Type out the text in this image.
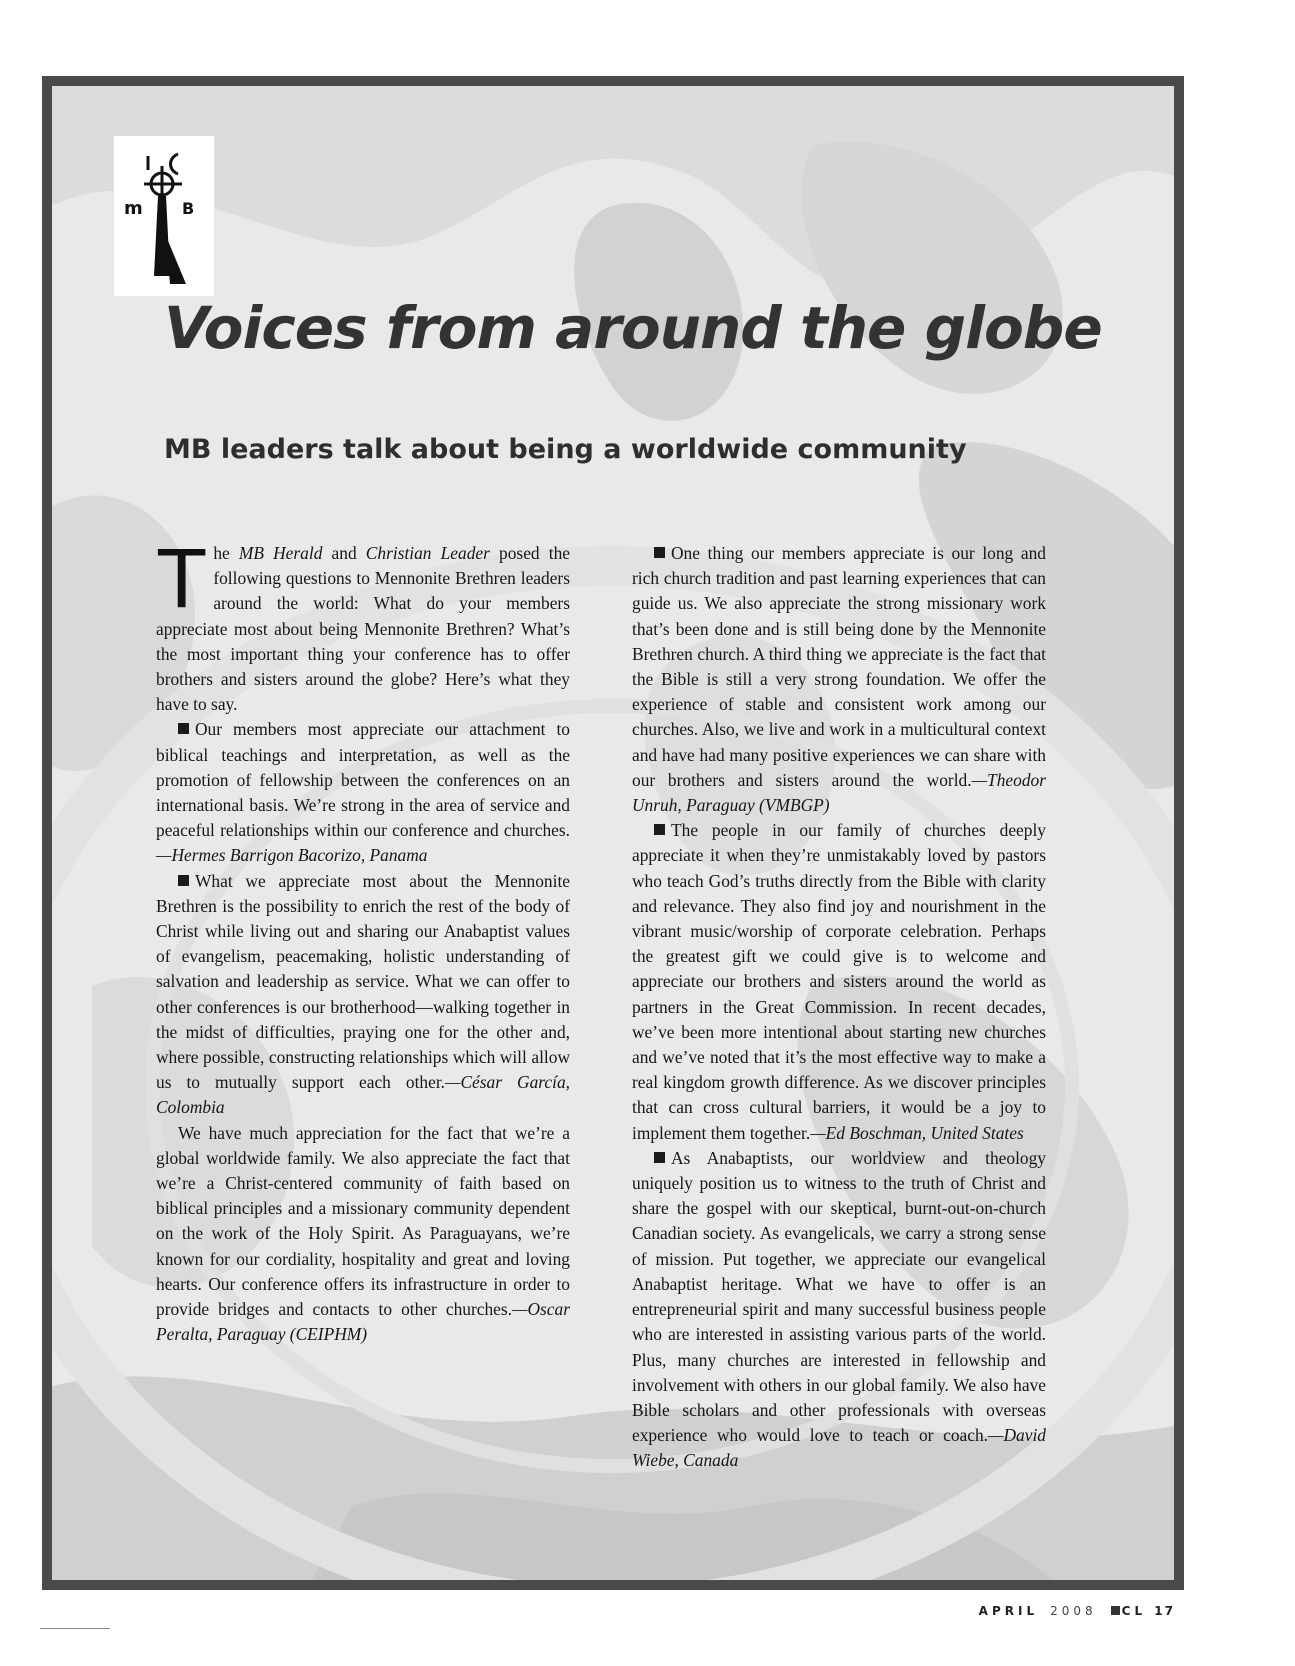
m B
Voices from around the globe
MB leaders talk about being a worldwide community

The MB Herald and Christian Leader posed the following questions to Mennonite Brethren leaders around the world: What do your members appreciate most about being Mennonite Brethren? What’s the most important thing your conference has to offer brothers and sisters around the globe? Here’s what they have to say.

Our members most appreciate our attachment to biblical teachings and interpretation, as well as the promotion of fellowship between the conferences on an international basis. We’re strong in the area of service and peaceful relationships within our conference and churches.—Hermes Barrigon Bacorizo, Panama

What we appreciate most about the Mennonite Brethren is the possibility to enrich the rest of the body of Christ while living out and sharing our Anabaptist values of evangelism, peacemaking, holistic understanding of salvation and leadership as service. What we can offer to other conferences is our brotherhood—walking together in the midst of difficulties, praying one for the other and, where possible, constructing relationships which will allow us to mutually support each other.—César García, Colombia

We have much appreciation for the fact that we’re a global worldwide family. We also appreciate the fact that we’re a Christ-centered community of faith based on biblical principles and a missionary community dependent on the work of the Holy Spirit. As Paraguayans, we’re known for our cordiality, hospitality and great and loving hearts. Our conference offers its infrastructure in order to provide bridges and contacts to other churches.—Oscar Peralta, Paraguay (CEIPHM)

One thing our members appreciate is our long and rich church tradition and past learning experiences that can guide us. We also appreciate the strong missionary work that’s been done and is still being done by the Mennonite Brethren church. A third thing we appreciate is the fact that the Bible is still a very strong foundation. We offer the experience of stable and consistent work among our churches. Also, we live and work in a multicultural context and have had many positive experiences we can share with our brothers and sisters around the world.—Theodor Unruh, Paraguay (VMBGP)

The people in our family of churches deeply appreciate it when they’re unmistakably loved by pastors who teach God’s truths directly from the Bible with clarity and relevance. They also find joy and nourishment in the vibrant music/worship of corporate celebration. Perhaps the greatest gift we could give is to welcome and appreciate our brothers and sisters around the world as partners in the Great Commission. In recent decades, we’ve been more intentional about starting new churches and we’ve noted that it’s the most effective way to make a real kingdom growth difference. As we discover principles that can cross cultural barriers, it would be a joy to implement them together.—Ed Boschman, United States

As Anabaptists, our worldview and theology uniquely position us to witness to the truth of Christ and share the gospel with our skeptical, burnt-out-on-church Canadian society. As evangelicals, we carry a strong sense of mission. Put together, we appreciate our evangelical Anabaptist heritage. What we have to offer is an entrepreneurial spirit and many successful business people who are interested in assisting various parts of the world. Plus, many churches are interested in fellowship and involvement with others in our global family. We also have Bible scholars and other professionals with overseas experience who would love to teach or coach.—David Wiebe, Canada

APRIL 2008 CL 17
